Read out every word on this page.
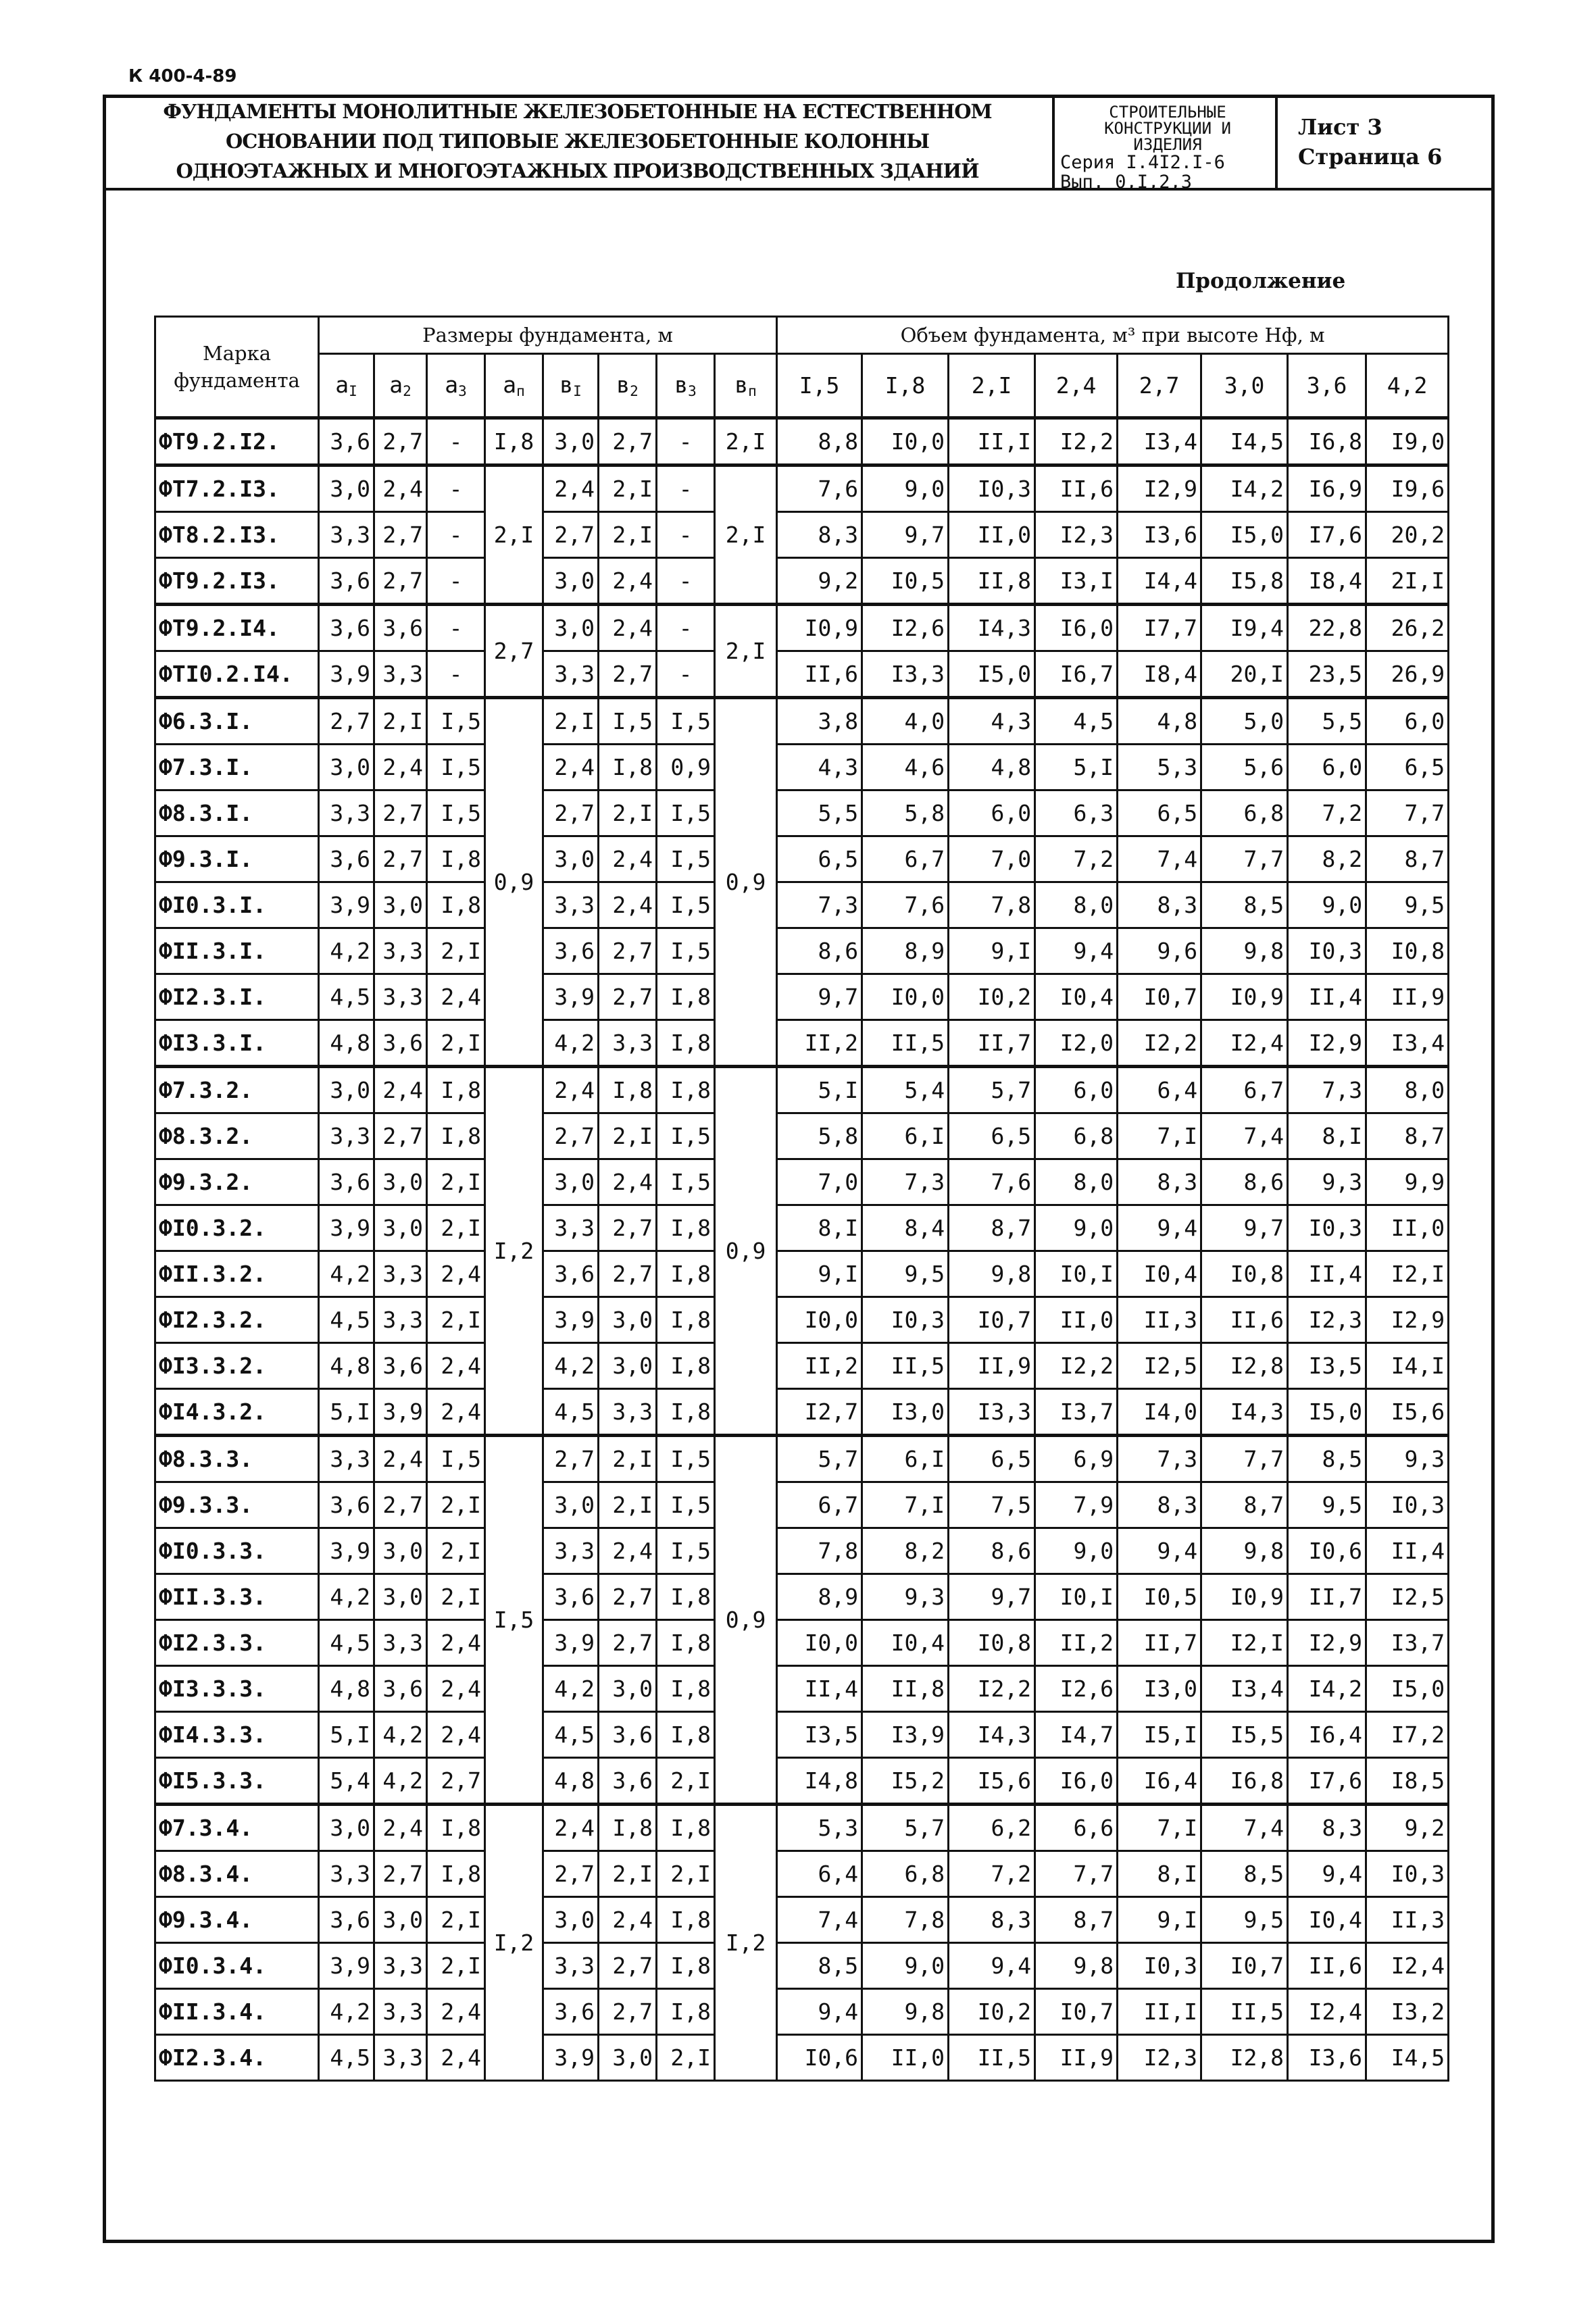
К 400-4-89
ФУНДАМЕНТЫ МОНОЛИТНЫЕ ЖЕЛЕЗОБЕТОННЫЕ НА ЕСТЕСТВЕННОМ
ОСНОВАНИИ ПОД ТИПОВЫЕ ЖЕЛЕЗОБЕТОННЫЕ КОЛОННЫ
ОДНОЭТАЖНЫХ И МНОГОЭТАЖНЫХ ПРОИЗВОДСТВЕННЫХ ЗДАНИЙ
СТРОИТЕЛЬНЫЕ
КОНСТРУКЦИИ И
ИЗДЕЛИЯ
Серия I.4I2.I-6
Вып. 0,I,2,3
Лист 3
Страница 6
Продолжение
Марка фундамента	Размеры фундамента, м								Объем фундамента, м³ при высоте Нф, м							
	$a_I$	$a_2$	$a_3$	$a_п$	$в_I$	$в_2$	$в_3$	$в_п$	I,5	I,8	2,I	2,4	2,7	3,0	3,6	4,2
ФТ9.2.I2.	3,6	2,7	-	I,8	3,0	2,7	-	2,I	8,8	I0,0	II,I	I2,2	I3,4	I4,5	I6,8	I9,0
ФТ7.2.I3.	3,0	2,4	-	2,I	2,4	2,I	-	2,I	7,6	9,0	I0,3	II,6	I2,9	I4,2	I6,9	I9,6
ФТ8.2.I3.	3,3	2,7	-		2,7	2,I	-		8,3	9,7	II,0	I2,3	I3,6	I5,0	I7,6	20,2
ФТ9.2.I3.	3,6	2,7	-		3,0	2,4	-		9,2	I0,5	II,8	I3,I	I4,4	I5,8	I8,4	2I,I
ФТ9.2.I4.	3,6	3,6	-	2,7	3,0	2,4	-	2,I	I0,9	I2,6	I4,3	I6,0	I7,7	I9,4	22,8	26,2
ФТI0.2.I4.	3,9	3,3	-		3,3	2,7	-		II,6	I3,3	I5,0	I6,7	I8,4	20,I	23,5	26,9
Ф6.3.I.	2,7	2,I	I,5	0,9	2,I	I,5	I,5	0,9	3,8	4,0	4,3	4,5	4,8	5,0	5,5	6,0
Ф7.3.I.	3,0	2,4	I,5		2,4	I,8	0,9		4,3	4,6	4,8	5,I	5,3	5,6	6,0	6,5
Ф8.3.I.	3,3	2,7	I,5		2,7	2,I	I,5		5,5	5,8	6,0	6,3	6,5	6,8	7,2	7,7
Ф9.3.I.	3,6	2,7	I,8		3,0	2,4	I,5		6,5	6,7	7,0	7,2	7,4	7,7	8,2	8,7
ФI0.3.I.	3,9	3,0	I,8		3,3	2,4	I,5		7,3	7,6	7,8	8,0	8,3	8,5	9,0	9,5
ФII.3.I.	4,2	3,3	2,I		3,6	2,7	I,5		8,6	8,9	9,I	9,4	9,6	9,8	I0,3	I0,8
ФI2.3.I.	4,5	3,3	2,4		3,9	2,7	I,8		9,7	I0,0	I0,2	I0,4	I0,7	I0,9	II,4	II,9
ФI3.3.I.	4,8	3,6	2,I		4,2	3,3	I,8		II,2	II,5	II,7	I2,0	I2,2	I2,4	I2,9	I3,4
Ф7.3.2.	3,0	2,4	I,8	I,2	2,4	I,8	I,8	0,9	5,I	5,4	5,7	6,0	6,4	6,7	7,3	8,0
Ф8.3.2.	3,3	2,7	I,8		2,7	2,I	I,5		5,8	6,I	6,5	6,8	7,I	7,4	8,I	8,7
Ф9.3.2.	3,6	3,0	2,I		3,0	2,4	I,5		7,0	7,3	7,6	8,0	8,3	8,6	9,3	9,9
ФI0.3.2.	3,9	3,0	2,I		3,3	2,7	I,8		8,I	8,4	8,7	9,0	9,4	9,7	I0,3	II,0
ФII.3.2.	4,2	3,3	2,4		3,6	2,7	I,8		9,I	9,5	9,8	I0,I	I0,4	I0,8	II,4	I2,I
ФI2.3.2.	4,5	3,3	2,I		3,9	3,0	I,8		I0,0	I0,3	I0,7	II,0	II,3	II,6	I2,3	I2,9
ФI3.3.2.	4,8	3,6	2,4		4,2	3,0	I,8		II,2	II,5	II,9	I2,2	I2,5	I2,8	I3,5	I4,I
ФI4.3.2.	5,I	3,9	2,4		4,5	3,3	I,8		I2,7	I3,0	I3,3	I3,7	I4,0	I4,3	I5,0	I5,6
Ф8.3.3.	3,3	2,4	I,5	I,5	2,7	2,I	I,5	0,9	5,7	6,I	6,5	6,9	7,3	7,7	8,5	9,3
Ф9.3.3.	3,6	2,7	2,I		3,0	2,I	I,5		6,7	7,I	7,5	7,9	8,3	8,7	9,5	I0,3
ФI0.3.3.	3,9	3,0	2,I		3,3	2,4	I,5		7,8	8,2	8,6	9,0	9,4	9,8	I0,6	II,4
ФII.3.3.	4,2	3,0	2,I		3,6	2,7	I,8		8,9	9,3	9,7	I0,I	I0,5	I0,9	II,7	I2,5
ФI2.3.3.	4,5	3,3	2,4		3,9	2,7	I,8		I0,0	I0,4	I0,8	II,2	II,7	I2,I	I2,9	I3,7
ФI3.3.3.	4,8	3,6	2,4		4,2	3,0	I,8		II,4	II,8	I2,2	I2,6	I3,0	I3,4	I4,2	I5,0
ФI4.3.3.	5,I	4,2	2,4		4,5	3,6	I,8		I3,5	I3,9	I4,3	I4,7	I5,I	I5,5	I6,4	I7,2
ФI5.3.3.	5,4	4,2	2,7		4,8	3,6	2,I		I4,8	I5,2	I5,6	I6,0	I6,4	I6,8	I7,6	I8,5
Ф7.3.4.	3,0	2,4	I,8	I,2	2,4	I,8	I,8	I,2	5,3	5,7	6,2	6,6	7,I	7,4	8,3	9,2
Ф8.3.4.	3,3	2,7	I,8		2,7	2,I	2,I		6,4	6,8	7,2	7,7	8,I	8,5	9,4	I0,3
Ф9.3.4.	3,6	3,0	2,I		3,0	2,4	I,8		7,4	7,8	8,3	8,7	9,I	9,5	I0,4	II,3
ФI0.3.4.	3,9	3,3	2,I		3,3	2,7	I,8		8,5	9,0	9,4	9,8	I0,3	I0,7	II,6	I2,4
ФII.3.4.	4,2	3,3	2,4		3,6	2,7	I,8		9,4	9,8	I0,2	I0,7	II,I	II,5	I2,4	I3,2
ФI2.3.4.	4,5	3,3	2,4		3,9	3,0	2,I		I0,6	II,0	II,5	II,9	I2,3	I2,8	I3,6	I4,5
